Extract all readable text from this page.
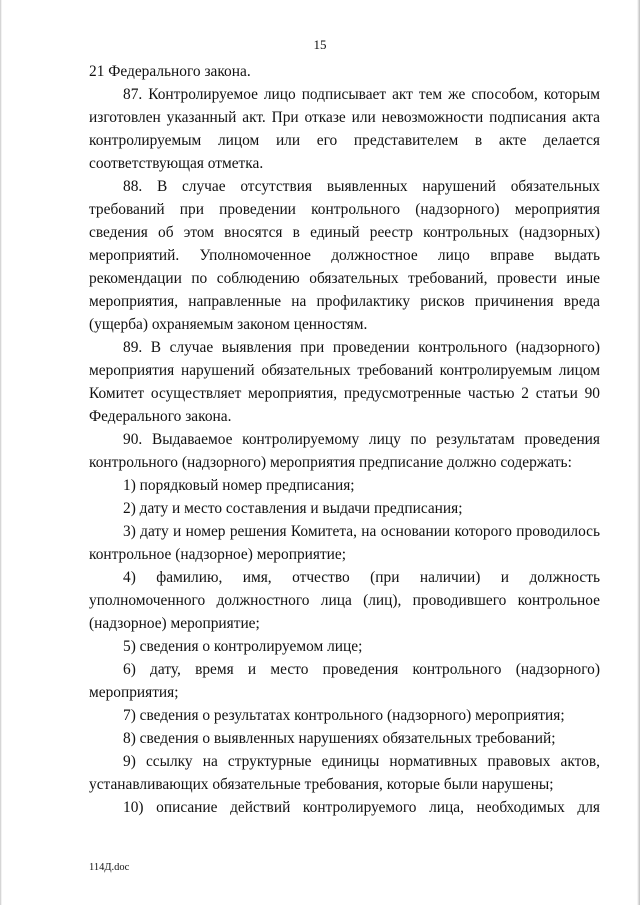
15

21 Федерального закона.

87. Контролируемое лицо подписывает акт тем же способом, которым изготовлен указанный акт. При отказе или невозможности подписания акта контролируемым лицом или его представителем в акте делается соответствующая отметка.

88. В случае отсутствия выявленных нарушений обязательных требований при проведении контрольного (надзорного) мероприятия сведения об этом вносятся в единый реестр контрольных (надзорных) мероприятий. Уполномоченное должностное лицо вправе выдать рекомендации по соблюдению обязательных требований, провести иные мероприятия, направленные на профилактику рисков причинения вреда (ущерба) охраняемым законом ценностям.

89. В случае выявления при проведении контрольного (надзорного) мероприятия нарушений обязательных требований контролируемым лицом Комитет осуществляет мероприятия, предусмотренные частью 2 статьи 90 Федерального закона.

90. Выдаваемое контролируемому лицу по результатам проведения контрольного (надзорного) мероприятия предписание должно содержать:

1) порядковый номер предписания;

2) дату и место составления и выдачи предписания;

3) дату и номер решения Комитета, на основании которого проводилось контрольное (надзорное) мероприятие;

4) фамилию, имя, отчество (при наличии) и должность уполномоченного должностного лица (лиц), проводившего контрольное (надзорное) мероприятие;

5) сведения о контролируемом лице;

6) дату, время и место проведения контрольного (надзорного) мероприятия;

7) сведения о результатах контрольного (надзорного) мероприятия;

8) сведения о выявленных нарушениях обязательных требований;

9) ссылку на структурные единицы нормативных правовых актов, устанавливающих обязательные требования, которые были нарушены;

10) описание действий контролируемого лица, необходимых для

114Д.doc
